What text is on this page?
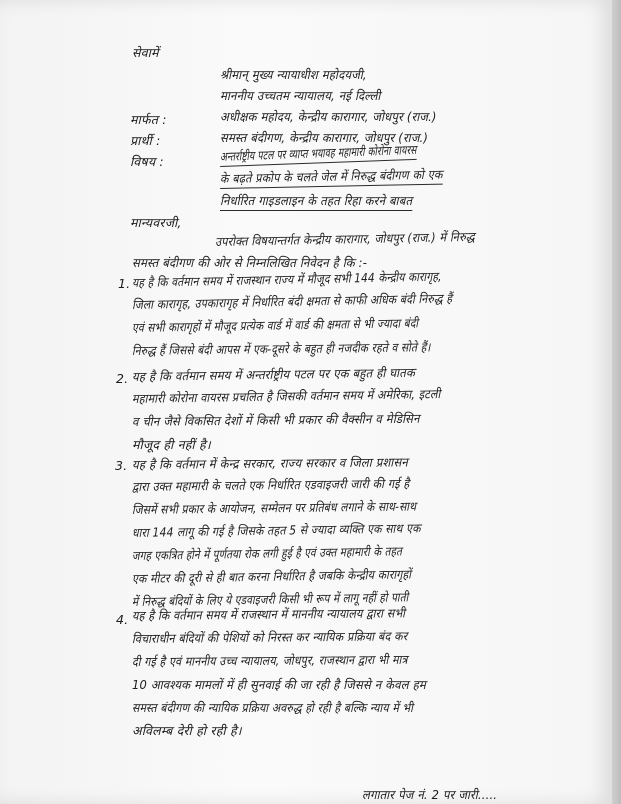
सेवामें
श्रीमान् मुख्य न्यायाधीश महोदयजी,
माननीय उच्चतम न्यायालय, नई दिल्ली
मार्फत :	अधीक्षक महोदय, केन्द्रीय कारागार, जोधपुर (राज.)
प्रार्थी :	समस्त बंदीगण, केन्द्रीय कारागार, जोधपुर (राज.)
विषय :	अन्तर्राष्ट्रीय पटल पर व्याप्त भयावह महामारी कोरोना वायरस
के बढ़ते प्रकोप के चलते जेल में निरुद्ध बंदीगण को एक
निर्धारित गाइडलाइन के तहत रिहा करने बाबत
मान्यवरजी,
उपरोक्त विषयान्तर्गत केन्द्रीय कारागार, जोधपुर (राज.) में निरुद्ध
समस्त बंदीगण की ओर से निम्नलिखित निवेदन है कि :-
1. यह है कि वर्तमान समय में राजस्थान राज्य में मौजूद सभी 144 केन्द्रीय कारागृह,
जिला कारागृह, उपकारागृह में निर्धारित बंदी क्षमता से काफी अधिक बंदी निरुद्ध हैं
एवं सभी कारागृहों में मौजूद प्रत्येक वार्ड में वार्ड की क्षमता से भी ज्यादा बंदी
निरुद्ध हैं जिससे बंदी आपस में एक-दूसरे के बहुत ही नजदीक रहते व सोते हैं।
2. यह है कि वर्तमान समय में अन्तर्राष्ट्रीय पटल पर एक बहुत ही घातक
महामारी कोरोना वायरस प्रचलित है जिसकी वर्तमान समय में अमेरिका, इटली
व चीन जैसे विकसित देशों में किसी भी प्रकार की वैक्सीन व मेडिसिन
मौजूद ही नहीं है।
3. यह है कि वर्तमान में केन्द्र सरकार, राज्य सरकार व जिला प्रशासन
द्वारा उक्त महामारी के चलते एक निर्धारित एडवाइजरी जारी की गई है
जिसमें सभी प्रकार के आयोजन, सम्मेलन पर प्रतिबंध लगाने के साथ-साथ
धारा 144 लागू की गई है जिसके तहत 5 से ज्यादा व्यक्ति एक साथ एक
जगह एकत्रित होने में पूर्णतया रोक लगी हुई है एवं उक्त महामारी के तहत
एक मीटर की दूरी से ही बात करना निर्धारित है जबकि केन्द्रीय कारागृहों
में निरुद्ध बंदियों के लिए ये एडवाइजरी किसी भी रूप में लागू नहीं हो पाती
4. यह है कि वर्तमान समय में राजस्थान में माननीय न्यायालय द्वारा सभी
विचाराधीन बंदियों की पेशियों को निरस्त कर न्यायिक प्रक्रिया बंद कर
दी गई है एवं माननीय उच्च न्यायालय, जोधपुर, राजस्थान द्वारा भी मात्र
10 आवश्यक मामलों में ही सुनवाई की जा रही है जिससे न केवल हम
समस्त बंदीगण की न्यायिक प्रक्रिया अवरुद्ध हो रही है बल्कि न्याय में भी
अविलम्ब देरी हो रही है।
लगातार पेज नं. 2 पर जारी.....
